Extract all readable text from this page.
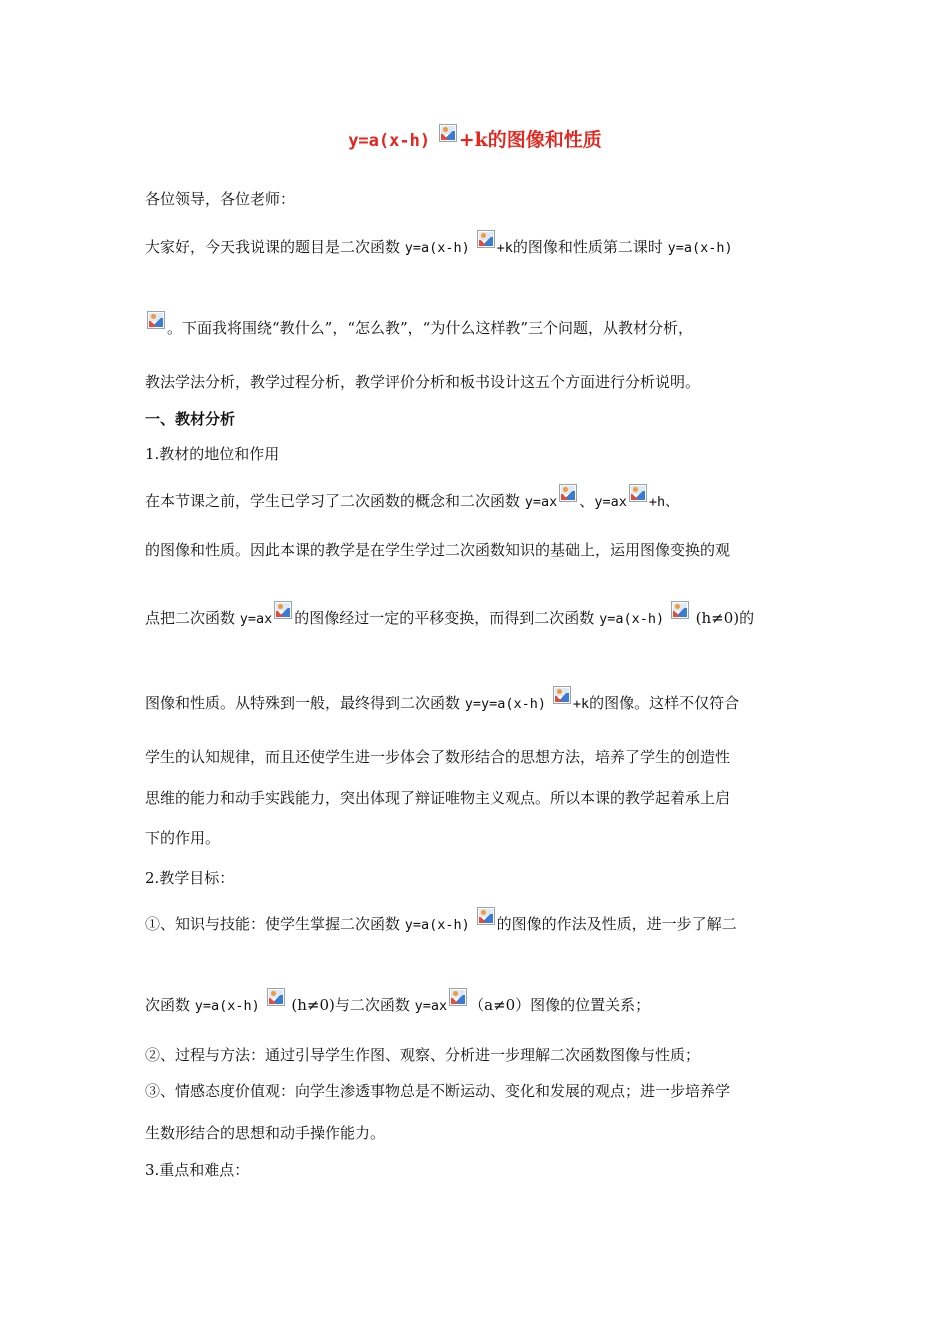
y=a(x-h) +k的图像和性质
各位领导，各位老师：
大家好，今天我说课的题目是二次函数 y=a(x-h) +k的图像和性质第二课时 y=a(x-h)
。下面我将围绕“教什么”，“怎么教”，“为什么这样教”三个问题，从教材分析，
教法学法分析，教学过程分析，教学评价分析和板书设计这五个方面进行分析说明。
一、教材分析
1.教材的地位和作用
在本节课之前，学生已学习了二次函数的概念和二次函数 y=ax 、y=ax +h、
的图像和性质。因此本课的教学是在学生学过二次函数知识的基础上，运用图像变换的观
点把二次函数 y=ax 的图像经过一定的平移变换，而得到二次函数 y=a(x-h)
(h≠0)的
图像和性质。从特殊到一般，最终得到二次函数 y=y=a(x-h) +k的图像。这样不仅符合
学生的认知规律，而且还使学生进一步体会了数形结合的思想方法，培养了学生的创造性
思维的能力和动手实践能力，突出体现了辩证唯物主义观点。所以本课的教学起着承上启
下的作用。
2.教学目标：
①、知识与技能：使学生掌握二次函数 y=a(x-h) 的图像的作法及性质，进一步了解二
次函数 y=a(x-h)
(h≠0)与二次函数 y=ax （a≠0）图像的位置关系；
②、过程与方法：通过引导学生作图、观察、分析进一步理解二次函数图像与性质；
③、情感态度价值观：向学生渗透事物总是不断运动、变化和发展的观点；进一步培养学
生数形结合的思想和动手操作能力。
3.重点和难点：
